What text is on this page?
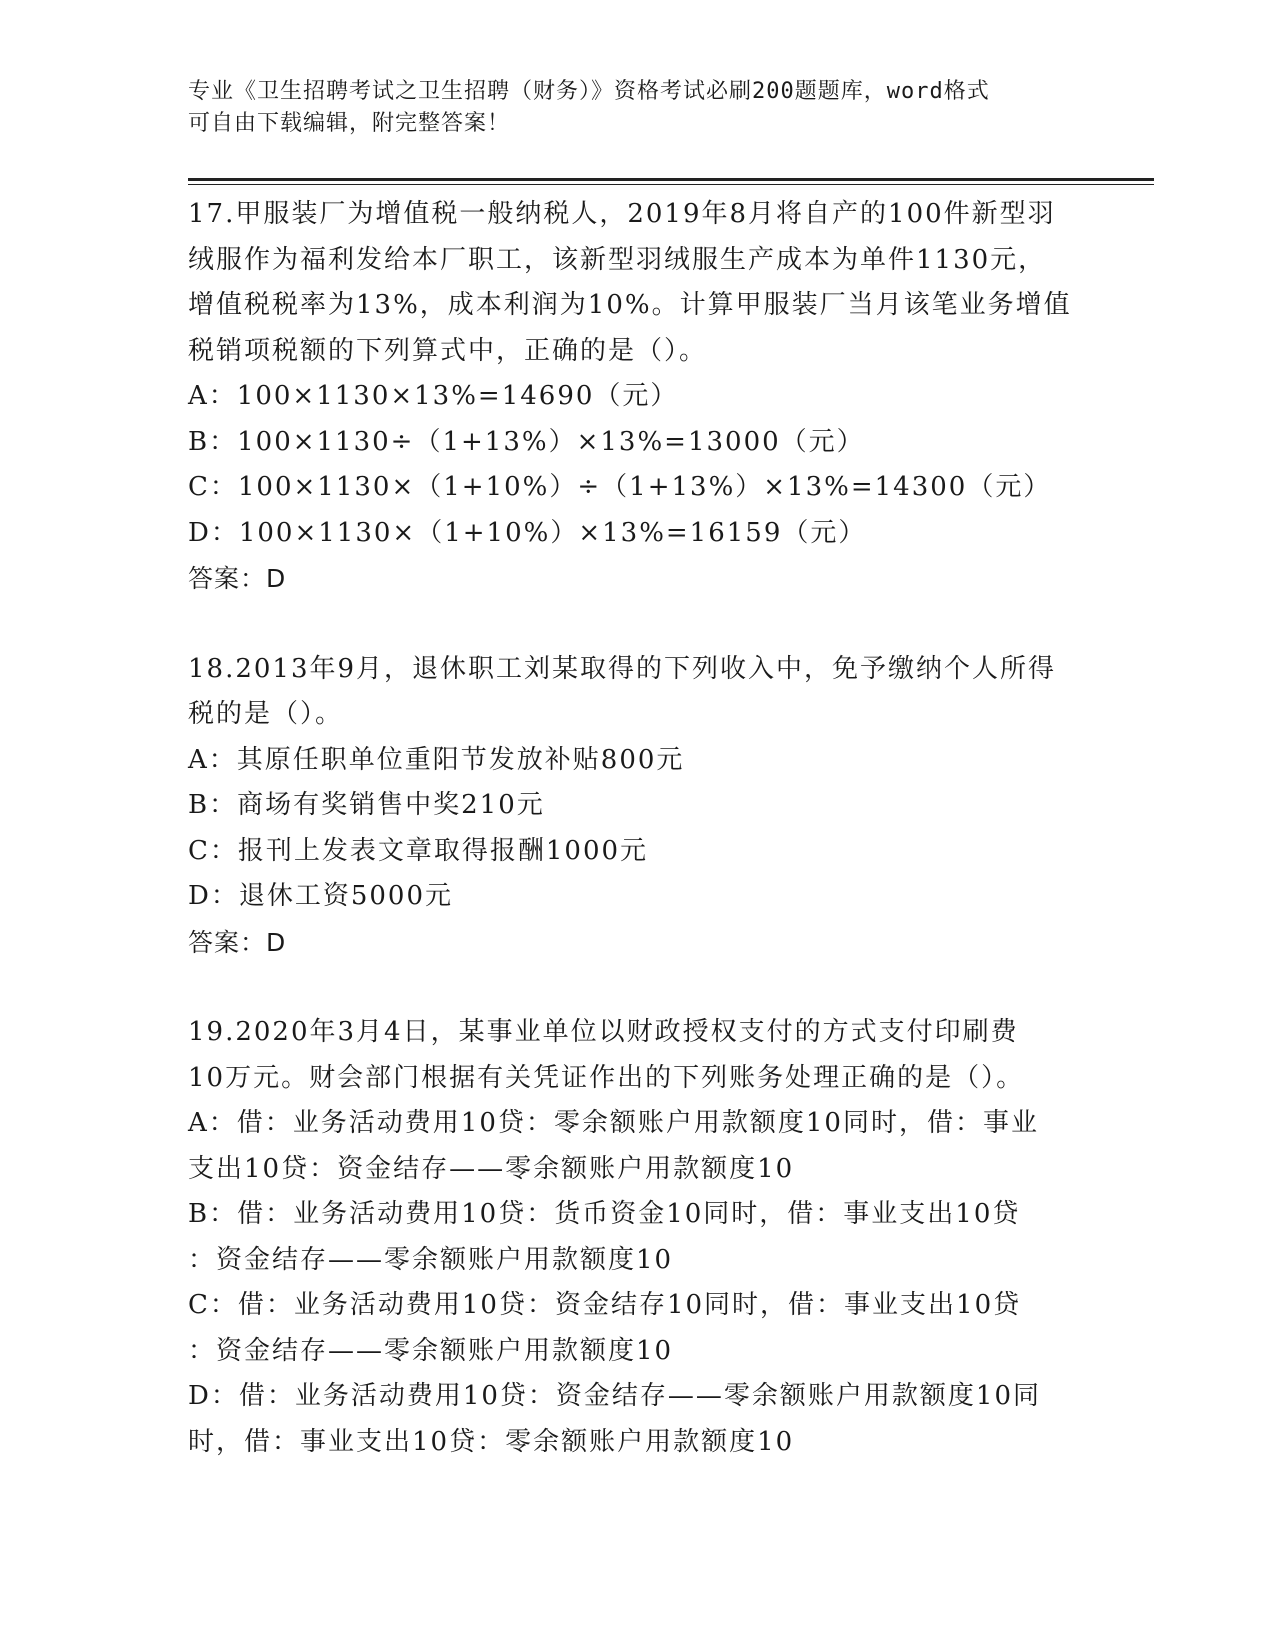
专业《卫生招聘考试之卫生招聘（财务）》资格考试必刷200题题库，word格式
可自由下载编辑，附完整答案！
17.甲服装厂为增值税一般纳税人，2019年8月将自产的100件新型羽
绒服作为福利发给本厂职工，该新型羽绒服生产成本为单件1130元，
增值税税率为13%，成本利润为10%。计算甲服装厂当月该笔业务增值
税销项税额的下列算式中，正确的是（）。
A：100×1130×13%=14690（元）
B：100×1130÷（1+13%）×13%=13000（元）
C：100×1130×（1+10%）÷（1+13%）×13%=14300（元）
D：100×1130×（1+10%）×13%=16159（元）
答案：D
18.2013年9月，退休职工刘某取得的下列收入中，免予缴纳个人所得
税的是（）。
A：其原任职单位重阳节发放补贴800元
B：商场有奖销售中奖210元
C：报刊上发表文章取得报酬1000元
D：退休工资5000元
答案：D
19.2020年3月4日，某事业单位以财政授权支付的方式支付印刷费
10万元。财会部门根据有关凭证作出的下列账务处理正确的是（）。
A：借：业务活动费用10贷：零余额账户用款额度10同时，借：事业
支出10贷：资金结存——零余额账户用款额度10
B：借：业务活动费用10贷：货币资金10同时，借：事业支出10贷
：资金结存——零余额账户用款额度10
C：借：业务活动费用10贷：资金结存10同时，借：事业支出10贷
：资金结存——零余额账户用款额度10
D：借：业务活动费用10贷：资金结存——零余额账户用款额度10同
时，借：事业支出10贷：零余额账户用款额度10
